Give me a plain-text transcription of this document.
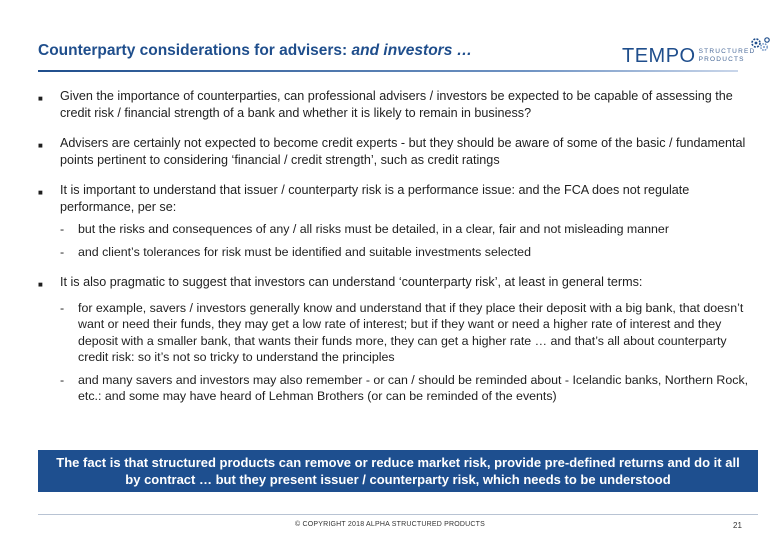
Counterparty considerations for advisers: and investors …	TEMPO STRUCTURED
PRODUCTS
■	Given the importance of counterparties, can professional advisers / investors be expected to be capable of assessing the credit risk / financial strength of a bank and whether it is likely to remain in business?
■	Advisers are certainly not expected to become credit experts - but they should be aware of some of the basic / fundamental points pertinent to considering ‘financial / credit strength’, such as credit ratings
■	It is important to understand that issuer / counterparty risk is a performance issue: and the FCA does not regulate performance, per se:
-	but the risks and consequences of any / all risks must be detailed, in a clear, fair and not misleading manner
-	and client’s tolerances for risk must be identified and suitable investments selected
■	It is also pragmatic to suggest that investors can understand ‘counterparty risk’, at least in general terms:
-	for example, savers / investors generally know and understand that if they place their deposit with a big bank, that doesn’t want or need their funds, they may get a low rate of interest; but if they want or need a higher rate of interest and they deposit with a smaller bank, that wants their funds more, they can get a higher rate … and that’s all about counterparty credit risk: so it’s not so tricky to understand the principles
-	and many savers and investors may also remember - or can / should be reminded about - Icelandic banks, Northern Rock, etc.: and some may have heard of Lehman Brothers (or can be reminded of the events)
The fact is that structured products can remove or reduce market risk, provide pre-defined returns and do it all by contract … but they present issuer / counterparty risk, which needs to be understood
© COPYRIGHT 2018 ALPHA STRUCTURED PRODUCTS	21
